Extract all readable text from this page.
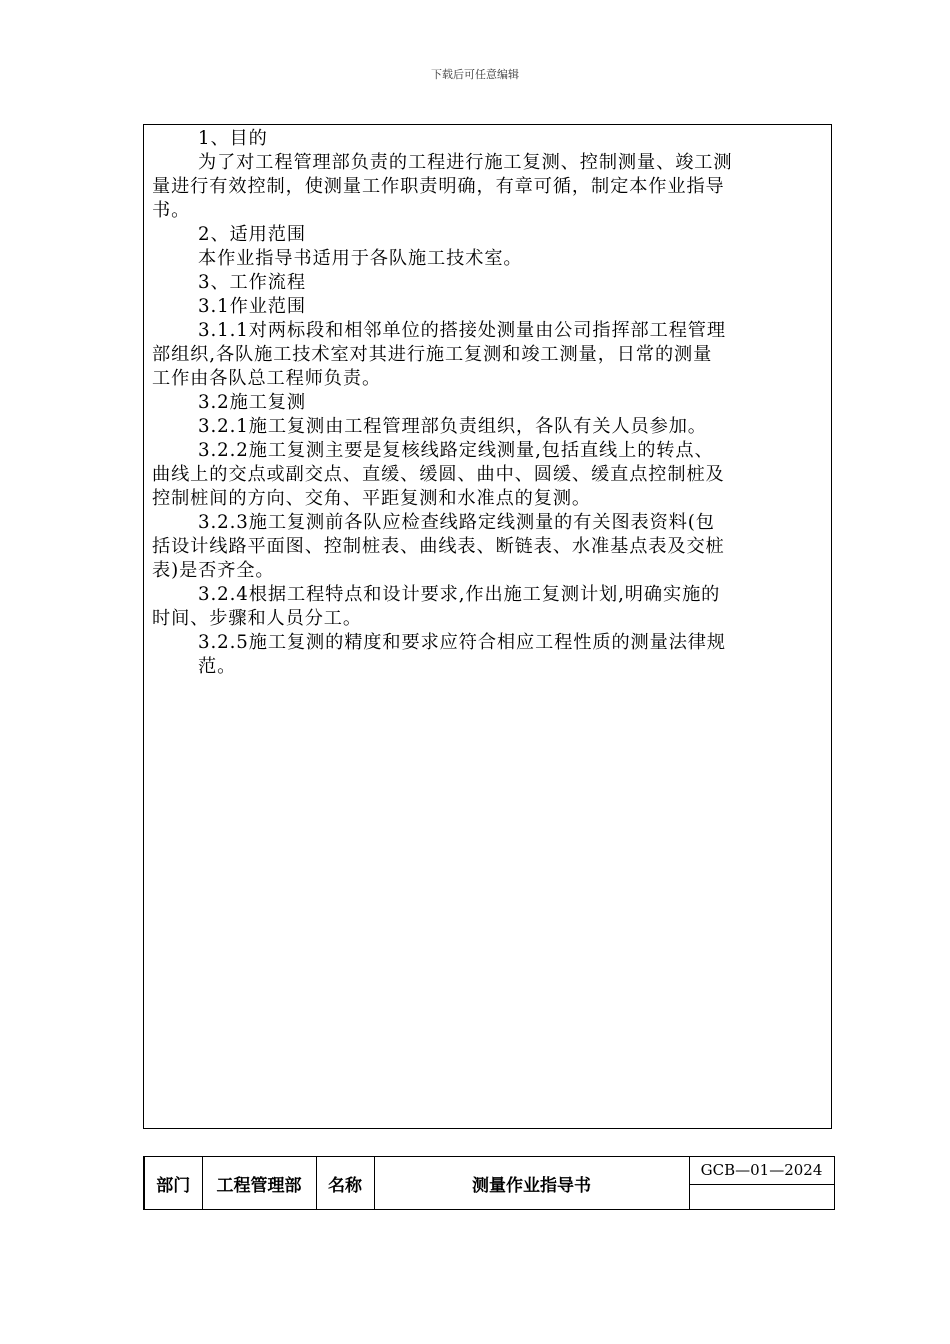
下载后可任意编辑
1、目的
为了对工程管理部负责的工程进行施工复测、控制测量、竣工测
量进行有效控制，使测量工作职责明确，有章可循，制定本作业指导
书。
2、适用范围
本作业指导书适用于各队施工技术室。
3、工作流程
3.1作业范围
3.1.1对两标段和相邻单位的搭接处测量由公司指挥部工程管理
部组织,各队施工技术室对其进行施工复测和竣工测量，日常的测量
工作由各队总工程师负责。
3.2施工复测
3.2.1施工复测由工程管理部负责组织，各队有关人员参加。
3.2.2施工复测主要是复核线路定线测量,包括直线上的转点、
曲线上的交点或副交点、直缓、缓圆、曲中、圆缓、缓直点控制桩及
控制桩间的方向、交角、平距复测和水准点的复测。
3.2.3施工复测前各队应检查线路定线测量的有关图表资料(包
括设计线路平面图、控制桩表、曲线表、断链表、水准基点表及交桩
表)是否齐全。
3.2.4根据工程特点和设计要求,作出施工复测计划,明确实施的
时间、步骤和人员分工。
3.2.5施工复测的精度和要求应符合相应工程性质的测量法律规
范。
部门	工程管理部	名称	测量作业指导书	
GCB—01—2024
